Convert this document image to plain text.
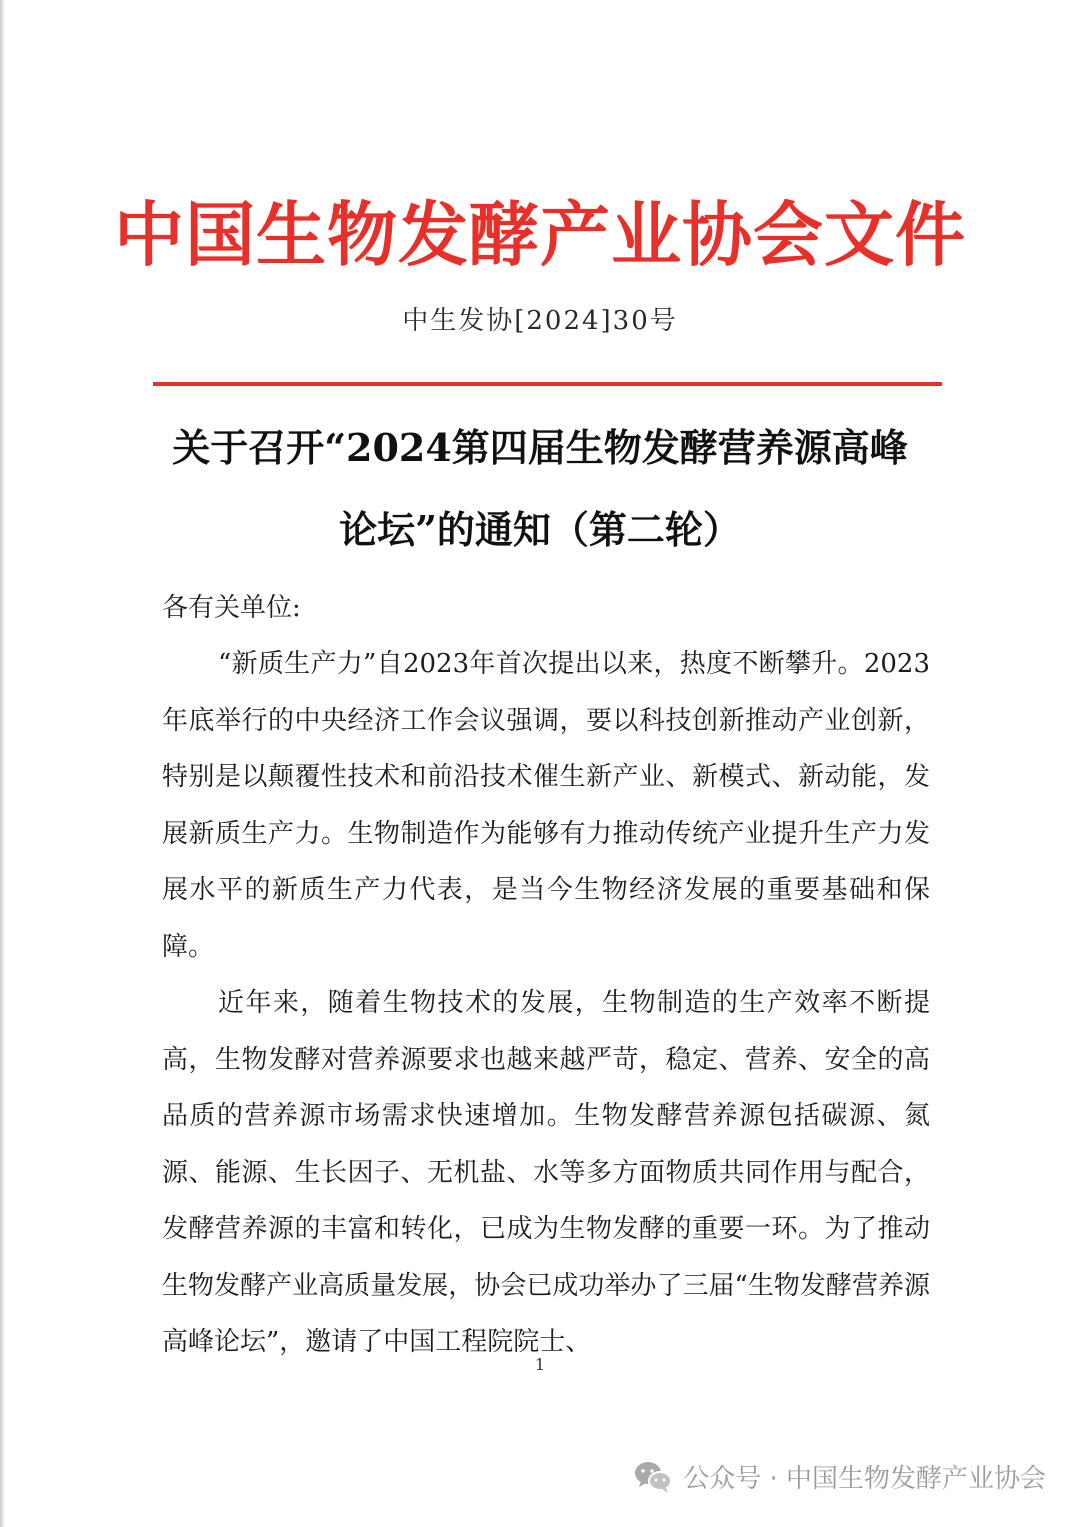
中国生物发酵产业协会文件
中生发协[2024]30号
关于召开“2024第四届生物发酵营养源高峰
论坛”的通知（第二轮）
各有关单位:
“新质生产力”自2023年首次提出以来，热度不断攀升。2023年底举行的中央经济工作会议强调，要以科技创新推动产业创新，特别是以颠覆性技术和前沿技术催生新产业、新模式、新动能，发展新质生产力。生物制造作为能够有力推动传统产业提升生产力发展水平的新质生产力代表，是当今生物经济发展的重要基础和保障。
近年来，随着生物技术的发展，生物制造的生产效率不断提高，生物发酵对营养源要求也越来越严苛，稳定、营养、安全的高品质的营养源市场需求快速增加。生物发酵营养源包括碳源、氮源、能源、生长因子、无机盐、水等多方面物质共同作用与配合，发酵营养源的丰富和转化，已成为生物发酵的重要一环。为了推动生物发酵产业高质量发展，协会已成功举办了三届“生物发酵营养源高峰论坛”，邀请了中国工程院院士、
1
公众号 · 中国生物发酵产业协会
